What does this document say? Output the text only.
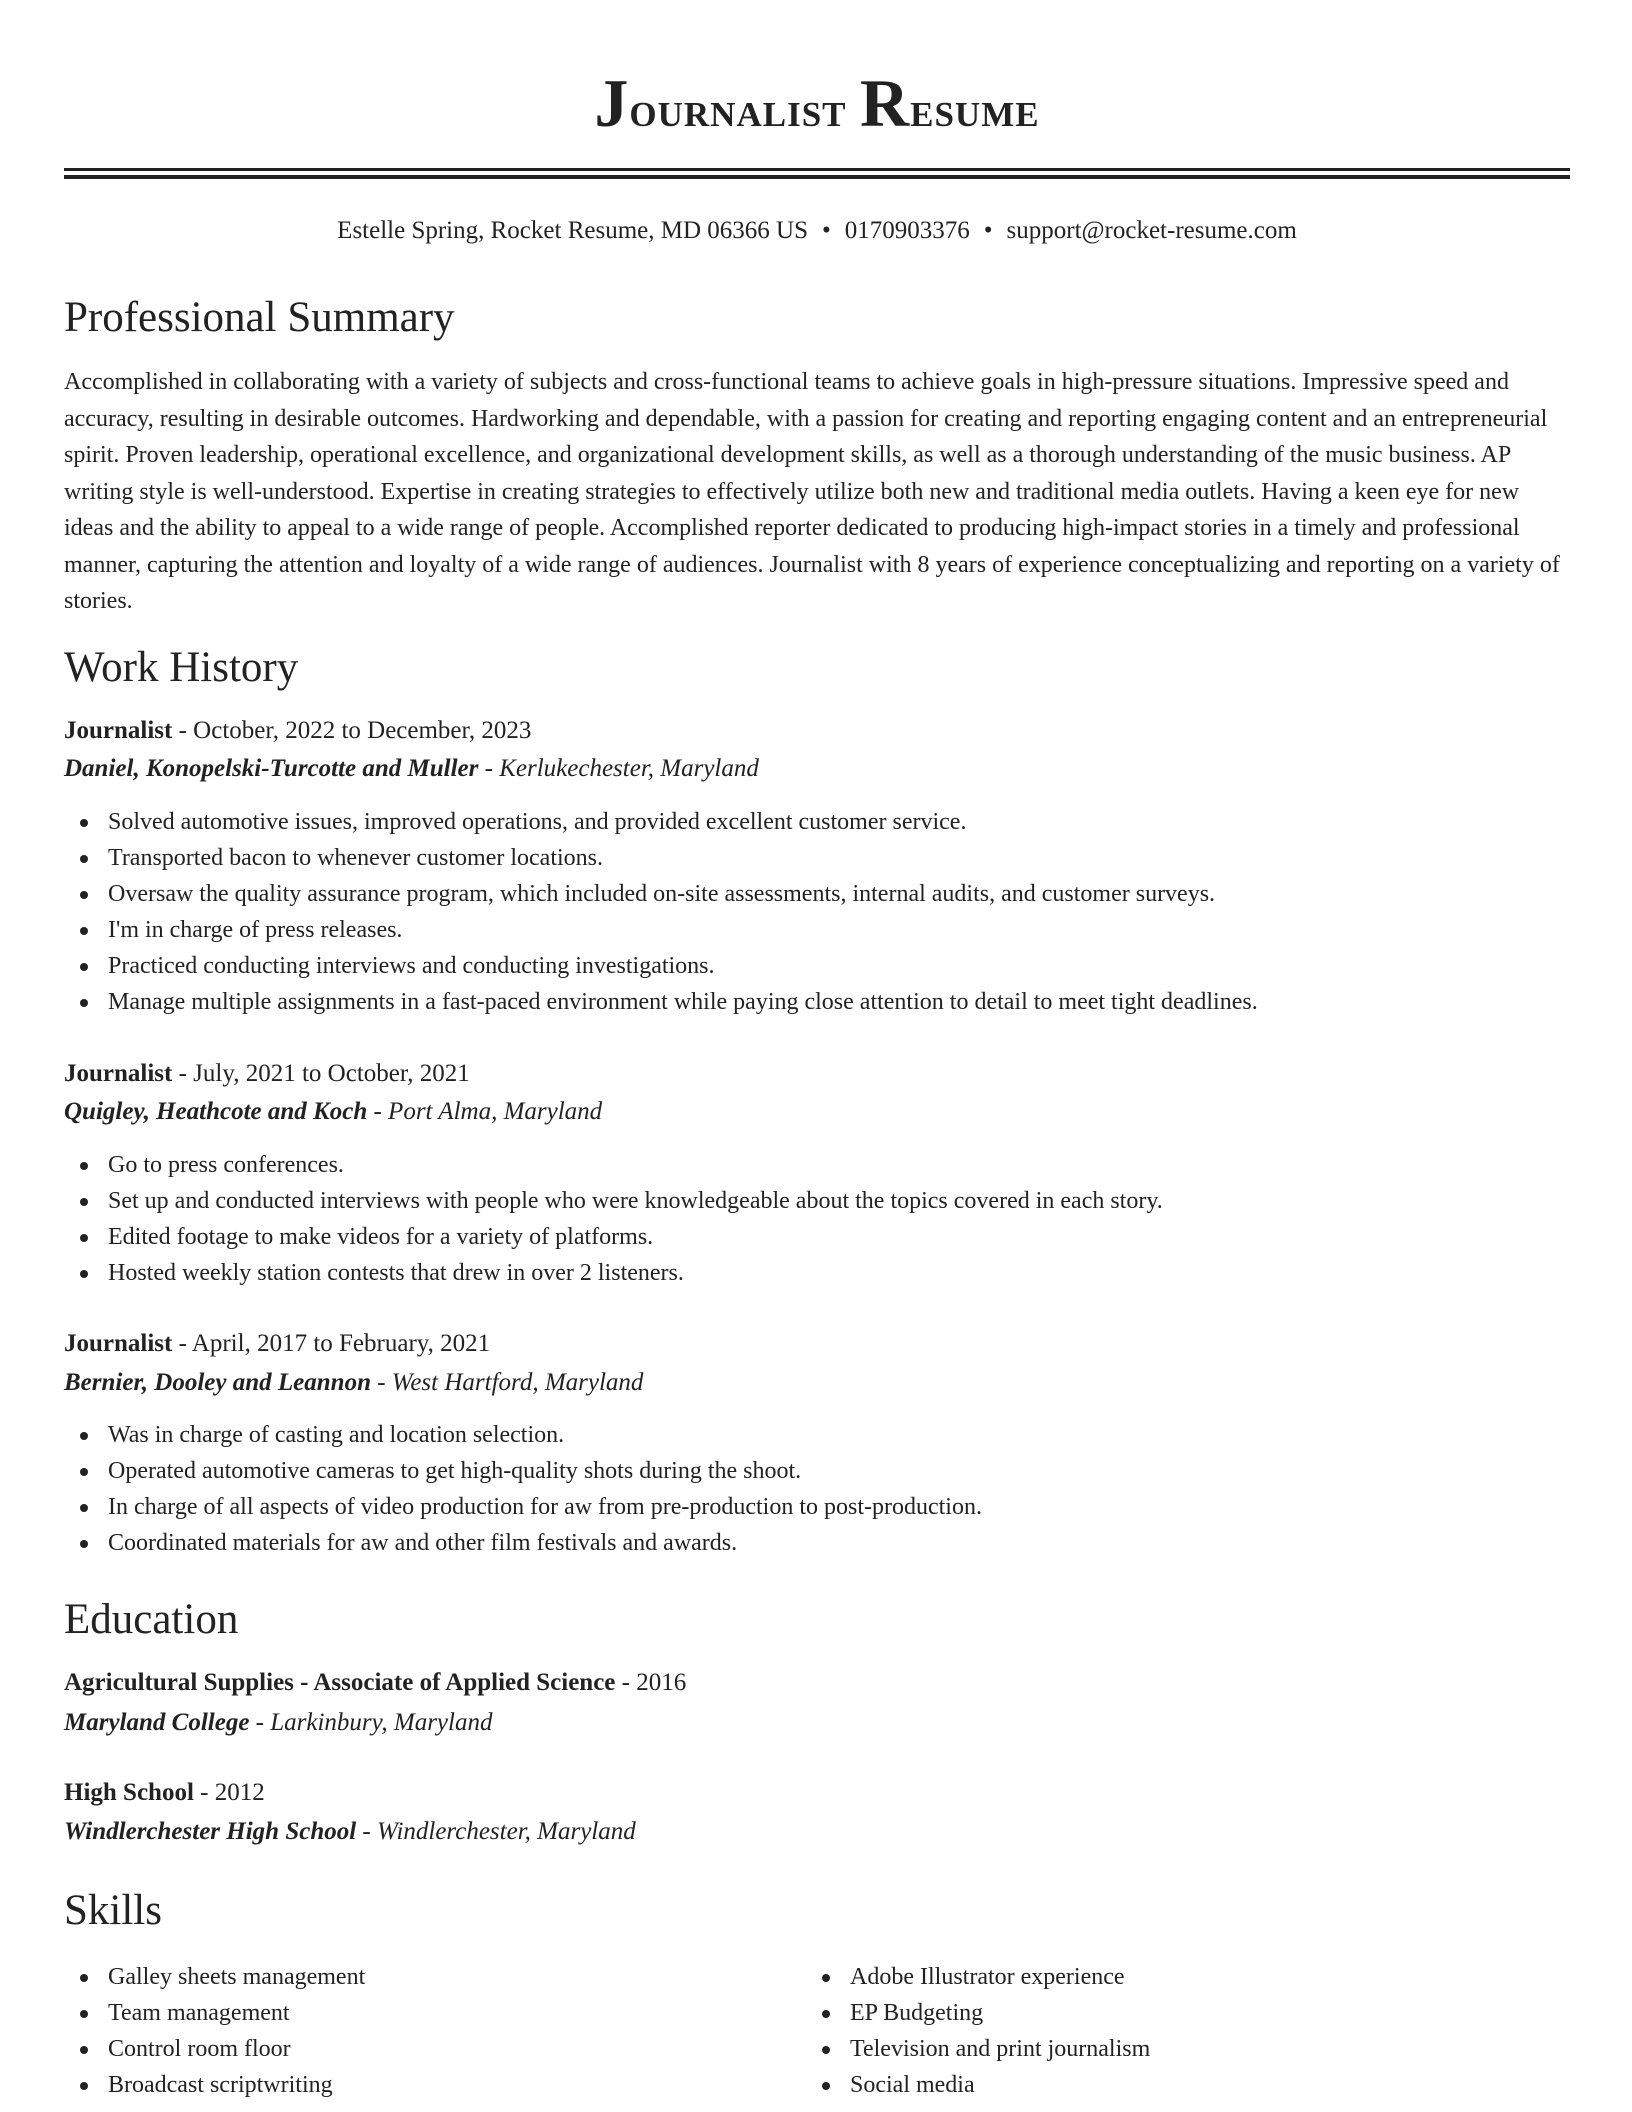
Journalist Resume
Estelle Spring, Rocket Resume, MD 06366 US • 0170903376 • support@rocket-resume.com
Professional Summary

Accomplished in collaborating with a variety of subjects and cross-functional teams to achieve goals in high-pressure situations. Impressive speed and accuracy, resulting in desirable outcomes. Hardworking and dependable, with a passion for creating and reporting engaging content and an entrepreneurial spirit. Proven leadership, operational excellence, and organizational development skills, as well as a thorough understanding of the music business. AP writing style is well-understood. Expertise in creating strategies to effectively utilize both new and traditional media outlets. Having a keen eye for new ideas and the ability to appeal to a wide range of people. Accomplished reporter dedicated to producing high-impact stories in a timely and professional manner, capturing the attention and loyalty of a wide range of audiences. Journalist with 8 years of experience conceptualizing and reporting on a variety of stories.

Work History
Journalist - October, 2022 to December, 2023
Daniel, Konopelski-Turcotte and Muller - Kerlukechester, Maryland
Solved automotive issues, improved operations, and provided excellent customer service.
Transported bacon to whenever customer locations.
Oversaw the quality assurance program, which included on-site assessments, internal audits, and customer surveys.
I'm in charge of press releases.
Practiced conducting interviews and conducting investigations.
Manage multiple assignments in a fast-paced environment while paying close attention to detail to meet tight deadlines.
Journalist - July, 2021 to October, 2021
Quigley, Heathcote and Koch - Port Alma, Maryland
Go to press conferences.
Set up and conducted interviews with people who were knowledgeable about the topics covered in each story.
Edited footage to make videos for a variety of platforms.
Hosted weekly station contests that drew in over 2 listeners.
Journalist - April, 2017 to February, 2021
Bernier, Dooley and Leannon - West Hartford, Maryland
Was in charge of casting and location selection.
Operated automotive cameras to get high-quality shots during the shoot.
In charge of all aspects of video production for aw from pre-production to post-production.
Coordinated materials for aw and other film festivals and awards.
Education
Agricultural Supplies - Associate of Applied Science - 2016
Maryland College - Larkinbury, Maryland
High School - 2012
Windlerchester High School - Windlerchester, Maryland
Skills
Galley sheets management
Team management
Control room floor
Broadcast scriptwriting
Adobe Illustrator experience
EP Budgeting
Television and print journalism
Social media
